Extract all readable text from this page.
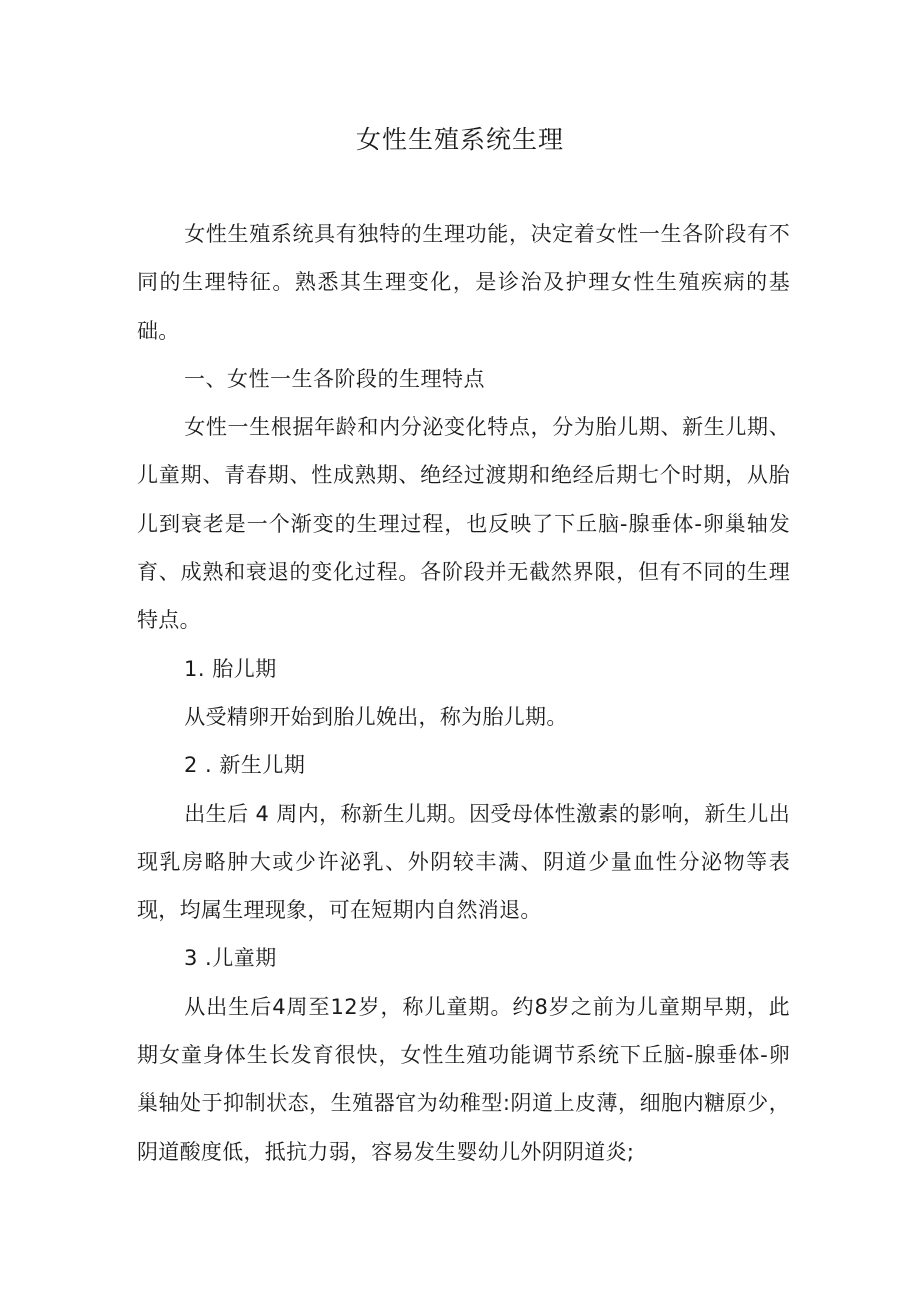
女性生殖系统生理

女性生殖系统具有独特的生理功能，决定着女性一生各阶段有不同的生理特征。熟悉其生理变化，是诊治及护理女性生殖疾病的基础。

一、女性一生各阶段的生理特点

女性一生根据年龄和内分泌变化特点，分为胎儿期、新生儿期、儿童期、青春期、性成熟期、绝经过渡期和绝经后期七个时期，从胎儿到衰老是一个渐变的生理过程，也反映了下丘脑-腺垂体-卵巢轴发育、成熟和衰退的变化过程。各阶段并无截然界限，但有不同的生理特点。

1. 胎儿期

从受精卵开始到胎儿娩出，称为胎儿期。

2 . 新生儿期

出生后 4 周内，称新生儿期。因受母体性激素的影响，新生儿出现乳房略肿大或少许泌乳、外阴较丰满、阴道少量血性分泌物等表现，均属生理现象，可在短期内自然消退。

3 .儿童期

从出生后4周至12岁，称儿童期。约8岁之前为儿童期早期，此期女童身体生长发育很快，女性生殖功能调节系统下丘脑-腺垂体-卵巢轴处于抑制状态，生殖器官为幼稚型:阴道上皮薄，细胞内糖原少，阴道酸度低，抵抗力弱，容易发生婴幼儿外阴阴道炎;
